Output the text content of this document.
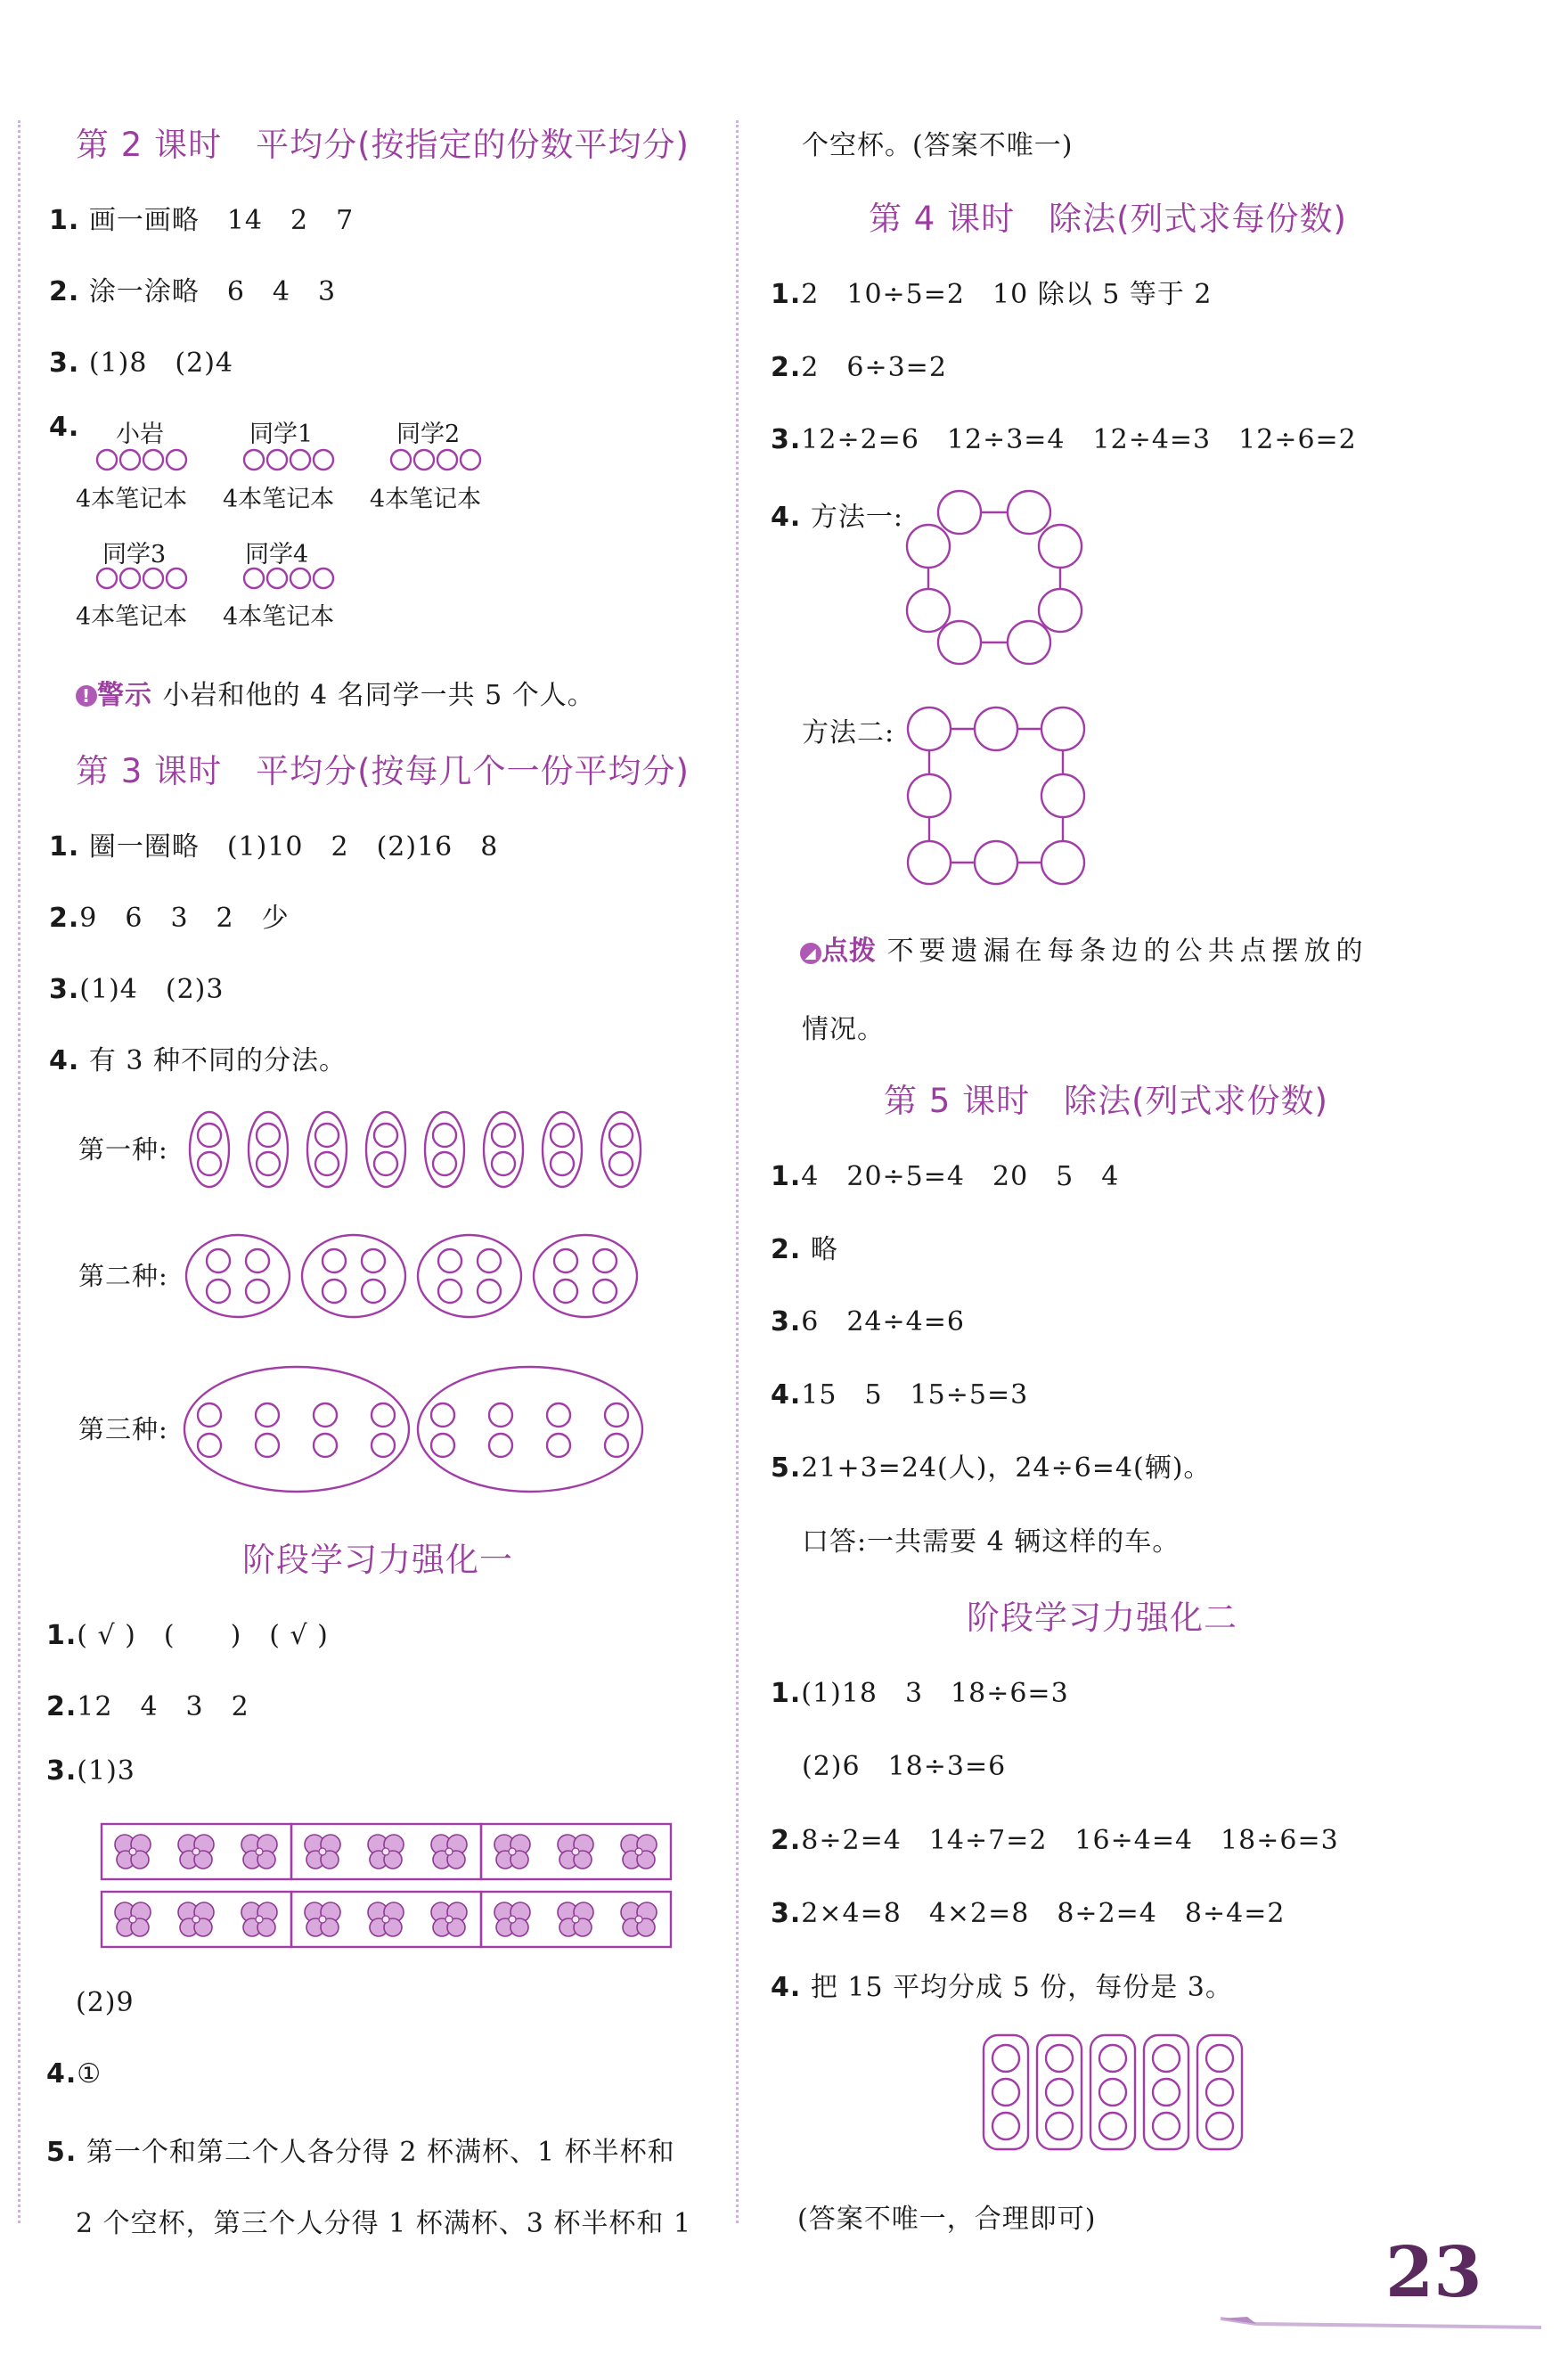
第 2 课时　平均分(按指定的份数平均分)
1. 画一画略　14　2　7
2. 涂一涂略　6　4　3
3. (1)8　(2)4
4. 小岩	同学1	同学2
4本笔记本 4本笔记本 4本笔记本
同学3	同学4
4本笔记本 4本笔记本
! 警示 小岩和他的 4 名同学一共 5 个人。
第 3 课时　平均分(按每几个一份平均分)
1. 圈一圈略　(1)10　2　(2)16　8
2.9　6　3　2　少
3.(1)4　(2)3
4. 有 3 种不同的分法。
第一种:
第二种:
第三种:
阶段学习力强化一
1.( √ )　(　　)　( √ )
2.12　4　3　2
3.(1)3
(2)9
4.①
5. 第一个和第二个人各分得 2 杯满杯、1 杯半杯和
2 个空杯，第三个人分得 1 杯满杯、3 杯半杯和 1
个空杯。(答案不唯一)
第 4 课时　除法(列式求每份数)
1.2　10÷5=2　10 除以 5 等于 2
2.2　6÷3=2
3.12÷2=6　12÷3=4　12÷4=3　12÷6=2
4. 方法一:
方法二:
◢ 点拨 不要遗漏在每条边的公共点摆放的
情况。
第 5 课时　除法(列式求份数)
1.4　20÷5=4　20　5　4
2. 略
3.6　24÷4=6
4.15　5　15÷5=3
5.21+3=24(人)，24÷6=4(辆)。
口答:一共需要 4 辆这样的车。
阶段学习力强化二
1.(1)18　3　18÷6=3
(2)6　18÷3=6
2.8÷2=4　14÷7=2　16÷4=4　18÷6=3
3.2×4=8　4×2=8　8÷2=4　8÷4=2
4. 把 15 平均分成 5 份，每份是 3。
(答案不唯一，合理即可)
23
